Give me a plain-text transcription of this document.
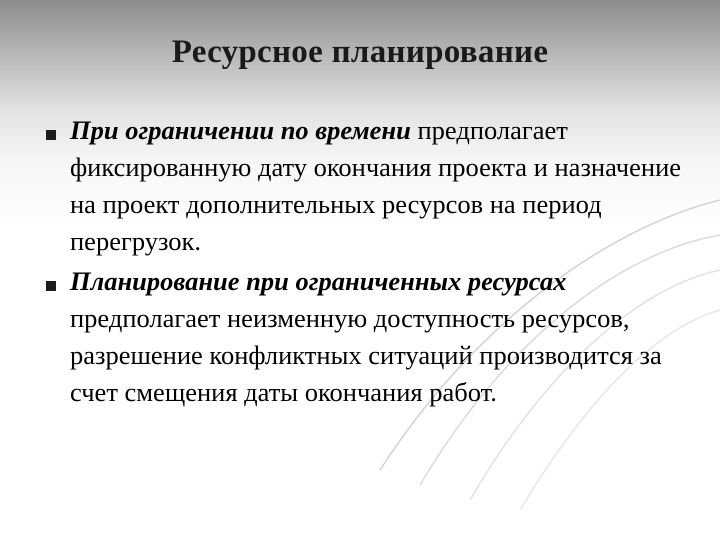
Ресурсное планирование
При ограничении по времени предполагает фиксированную дату окончания проекта и назначение на проект дополнительных ресурсов на период перегрузок.
Планирование при ограниченных ресурсах предполагает неизменную доступность ресурсов, разрешение конфликтных ситуаций производится за счет смещения даты окончания работ.
